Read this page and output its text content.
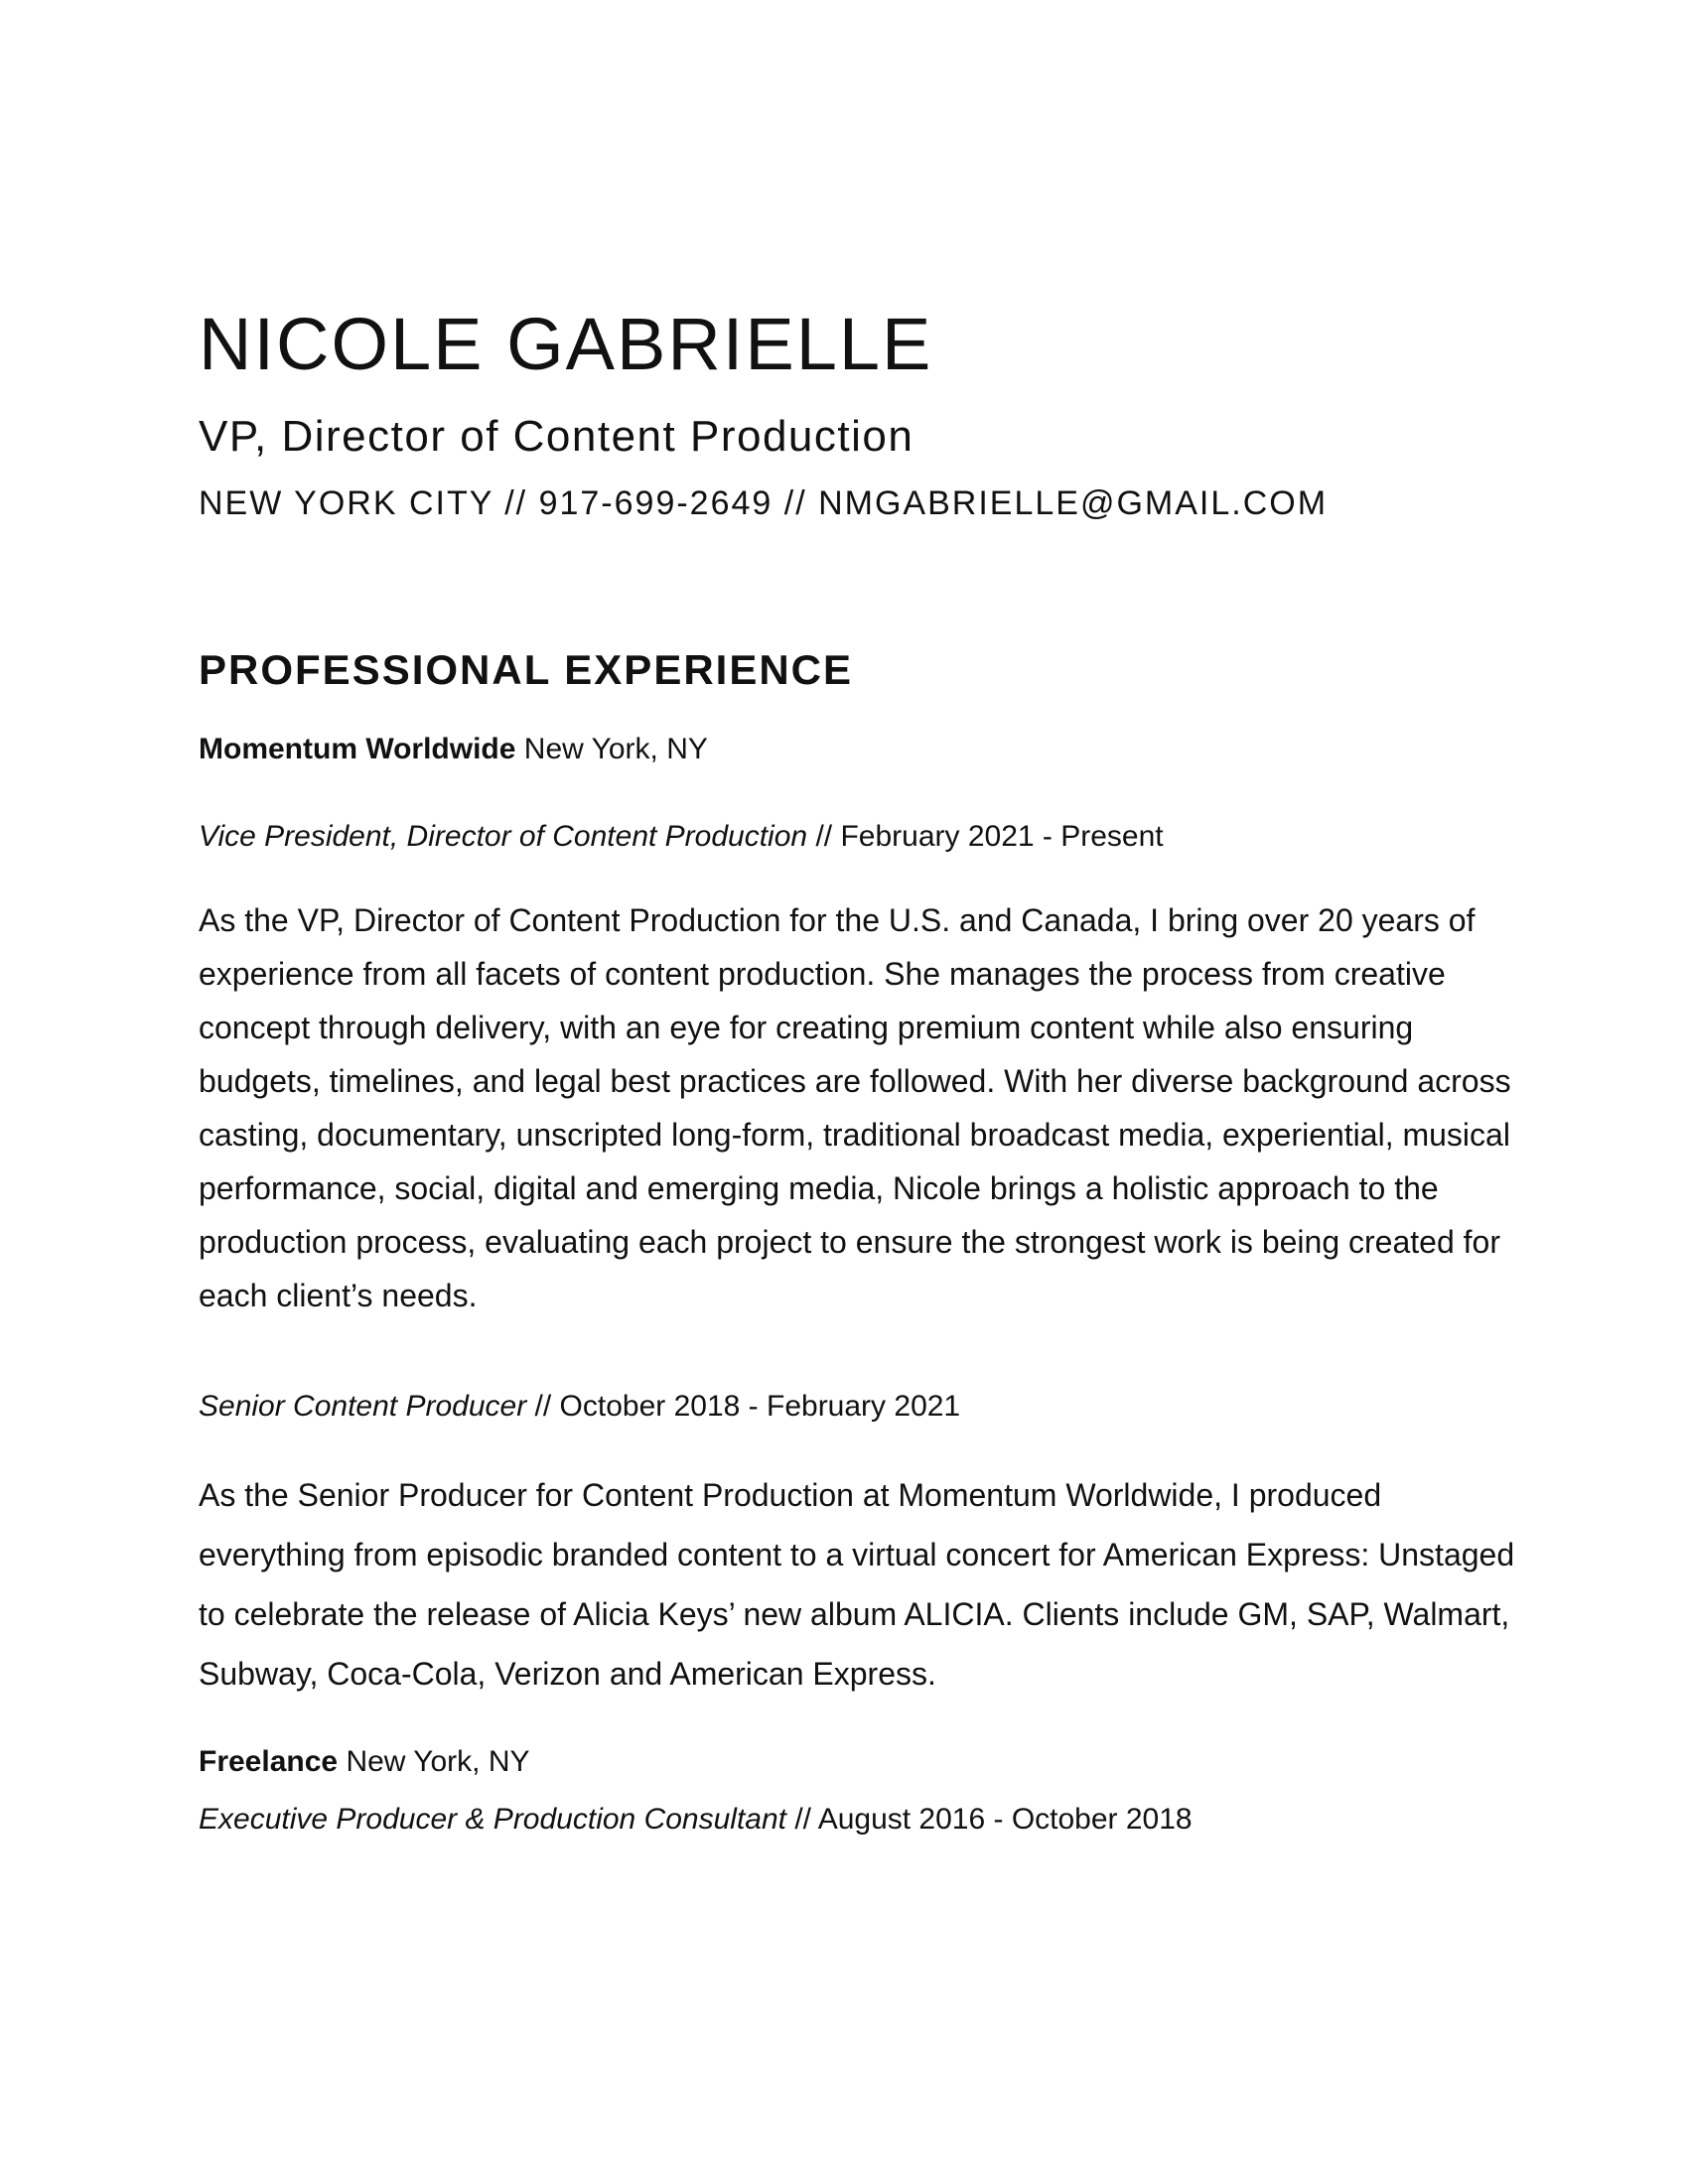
NICOLE GABRIELLE
VP, Director of Content Production
NEW YORK CITY // 917-699-2649 // NMGABRIELLE@GMAIL.COM
PROFESSIONAL EXPERIENCE
Momentum Worldwide New York, NY
Vice President, Director of Content Production // February 2021 - Present
As the VP, Director of Content Production for the U.S. and Canada, I bring over 20 years of experience from all facets of content production. She manages the process from creative concept through delivery, with an eye for creating premium content while also ensuring budgets, timelines, and legal best practices are followed. With her diverse background across casting, documentary, unscripted long-form, traditional broadcast media, experiential, musical performance, social, digital and emerging media, Nicole brings a holistic approach to the production process, evaluating each project to ensure the strongest work is being created for each client’s needs.
Senior Content Producer // October 2018 - February 2021
As the Senior Producer for Content Production at Momentum Worldwide, I produced everything from episodic branded content to a virtual concert for American Express: Unstaged to celebrate the release of Alicia Keys’ new album ALICIA. Clients include GM, SAP, Walmart, Subway, Coca-Cola, Verizon and American Express.
Freelance New York, NY
Executive Producer & Production Consultant // August 2016 - October 2018
